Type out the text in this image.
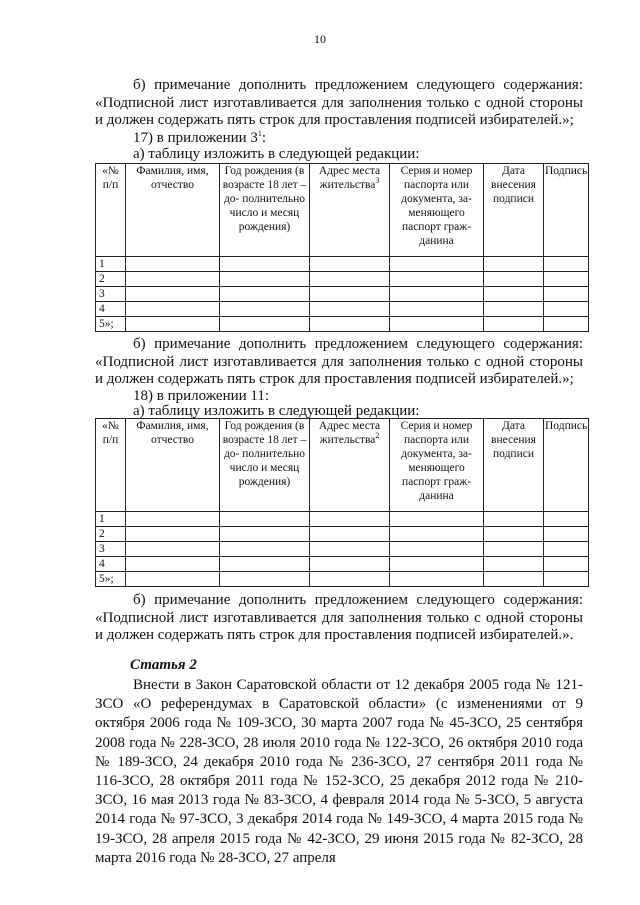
10

б) примечание дополнить предложением следующего содержания: «Подписной лист изготавливается для заполнения только с одной стороны и должен содержать пять строк для проставления подписей избирателей.»;

17) в приложении $3^1$:
а) таблицу изложить в следующей редакции:
«№ п/п	Фамилия, имя, отчество	Год рождения (в возрасте 18 лет – до- полнительно число и месяц рождения)	Адрес места жительства$^3$	Серия и номер паспорта или документа, за- меняющего паспорт граж- данина	Дата внесения подписи	Подпись
1						
2						
3						
4						
5»;						

б) примечание дополнить предложением следующего содержания: «Подписной лист изготавливается для заполнения только с одной стороны и должен содержать пять строк для проставления подписей избирателей.»;

18) в приложении 11:
а) таблицу изложить в следующей редакции:
«№ п/п	Фамилия, имя, отчество	Год рождения (в возрасте 18 лет – до- полнительно число и месяц рождения)	Адрес места жительства$^2$	Серия и номер паспорта или документа, за- меняющего паспорт граж- данина	Дата внесения подписи	Подпись
1						
2						
3						
4						
5»;						

б) примечание дополнить предложением следующего содержания: «Подписной лист изготавливается для заполнения только с одной стороны и должен содержать пять строк для проставления подписей избирателей.».

Статья 2

Внести в Закон Саратовской области от 12 декабря 2005 года № 121-ЗСО «О референдумах в Саратовской области» (с изменениями от 9 октября 2006 года № 109-ЗСО, 30 марта 2007 года № 45-ЗСО, 25 сентября 2008 года № 228-ЗСО, 28 июля 2010 года № 122-ЗСО, 26 октября 2010 года № 189-ЗСО, 24 декабря 2010 года № 236-ЗСО, 27 сентября 2011 года № 116-ЗСО, 28 октября 2011 года № 152-ЗСО, 25 декабря 2012 года № 210-ЗСО, 16 мая 2013 года № 83-ЗСО, 4 февраля 2014 года № 5-ЗСО, 5 августа 2014 года № 97-ЗСО, 3 декабря 2014 года № 149-ЗСО, 4 марта 2015 года № 19-ЗСО, 28 апреля 2015 года № 42-ЗСО, 29 июня 2015 года № 82-ЗСО, 28 марта 2016 года № 28-ЗСО, 27 апреля
